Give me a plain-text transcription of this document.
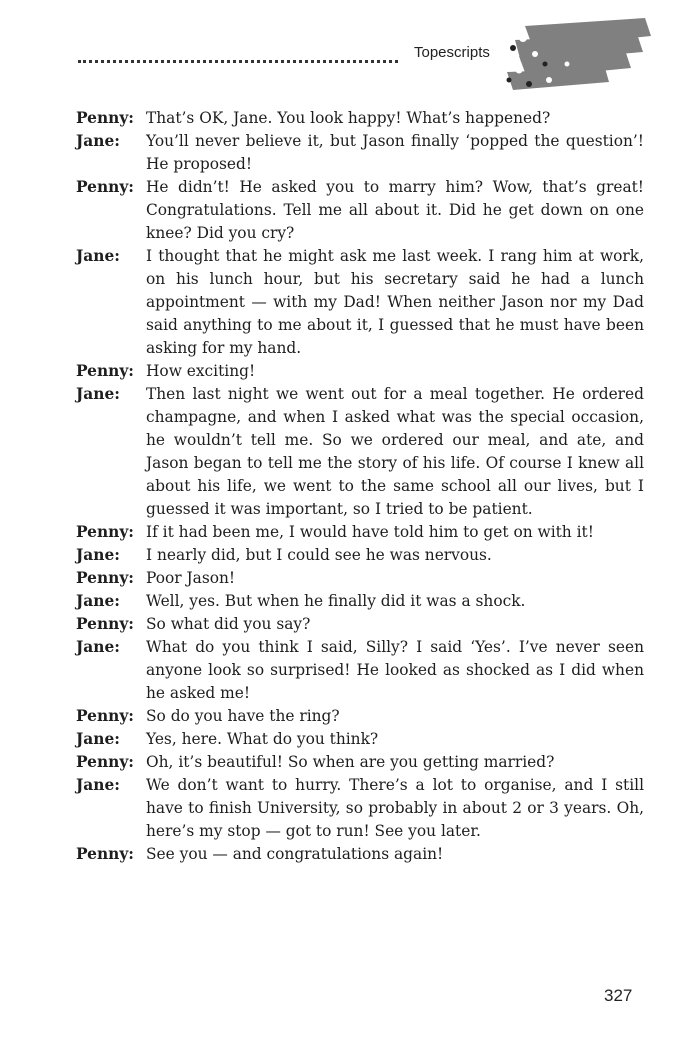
Topescripts
Penny: That’s OK, Jane. You look happy! What’s happened?
Jane:	You’ll never believe it, but Jason finally ‘popped the question’! He proposed!
Penny: He didn’t! He asked you to marry him? Wow, that’s great! Congratulations. Tell me all about it. Did he get down on one knee? Did you cry?
Jane:	I thought that he might ask me last week. I rang him at work, on his lunch hour, but his secretary said he had a lunch appointment — with my Dad! When neither Jason nor my Dad said anything to me about it, I guessed that he must have been asking for my hand.
Penny: How exciting!
Jane:	Then last night we went out for a meal together. He ordered champagne, and when I asked what was the special occasion, he wouldn’t tell me. So we ordered our meal, and ate, and Jason began to tell me the story of his life. Of course I knew all about his life, we went to the same school all our lives, but I guessed it was important, so I tried to be patient.
Penny: If it had been me, I would have told him to get on with it!
Jane:	I nearly did, but I could see he was nervous.
Penny: Poor Jason!
Jane:	Well, yes. But when he finally did it was a shock.
Penny: So what did you say?
Jane:	What do you think I said, Silly? I said ‘Yes’. I’ve never seen anyone look so surprised! He looked as shocked as I did when he asked me!
Penny: So do you have the ring?
Jane:	Yes, here. What do you think?
Penny: Oh, it’s beautiful! So when are you getting married?
Jane:	We don’t want to hurry. There’s a lot to organise, and I still have to finish University, so probably in about 2 or 3 years. Oh, here’s my stop — got to run! See you later.
Penny: See you — and congratulations again!
327
